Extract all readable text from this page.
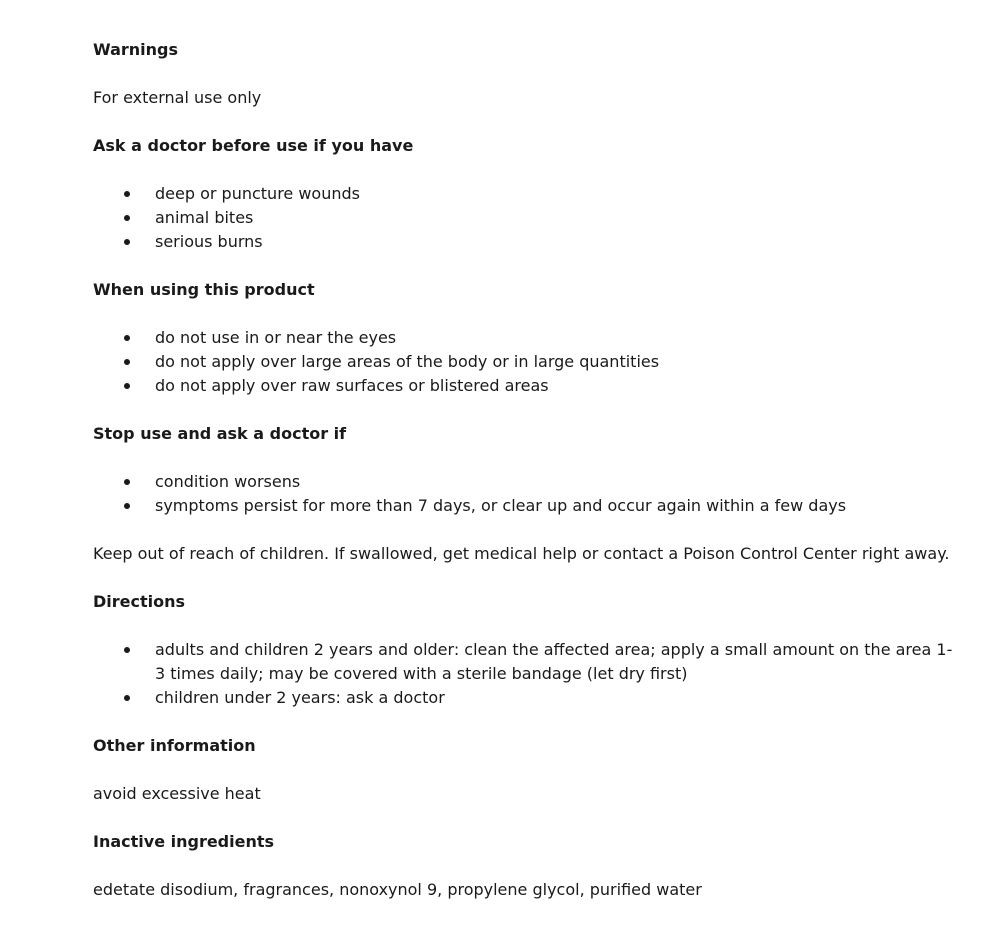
Warnings
For external use only
Ask a doctor before use if you have
deep or puncture wounds
animal bites
serious burns
When using this product
do not use in or near the eyes
do not apply over large areas of the body or in large quantities
do not apply over raw surfaces or blistered areas
Stop use and ask a doctor if
condition worsens
symptoms persist for more than 7 days, or clear up and occur again within a few days
Keep out of reach of children. If swallowed, get medical help or contact a Poison Control Center right away.
Directions
adults and children 2 years and older: clean the affected area; apply a small amount on the area 1-3 times daily; may be covered with a sterile bandage (let dry first)
children under 2 years: ask a doctor
Other information
avoid excessive heat
Inactive ingredients
edetate disodium, fragrances, nonoxynol 9, propylene glycol, purified water
